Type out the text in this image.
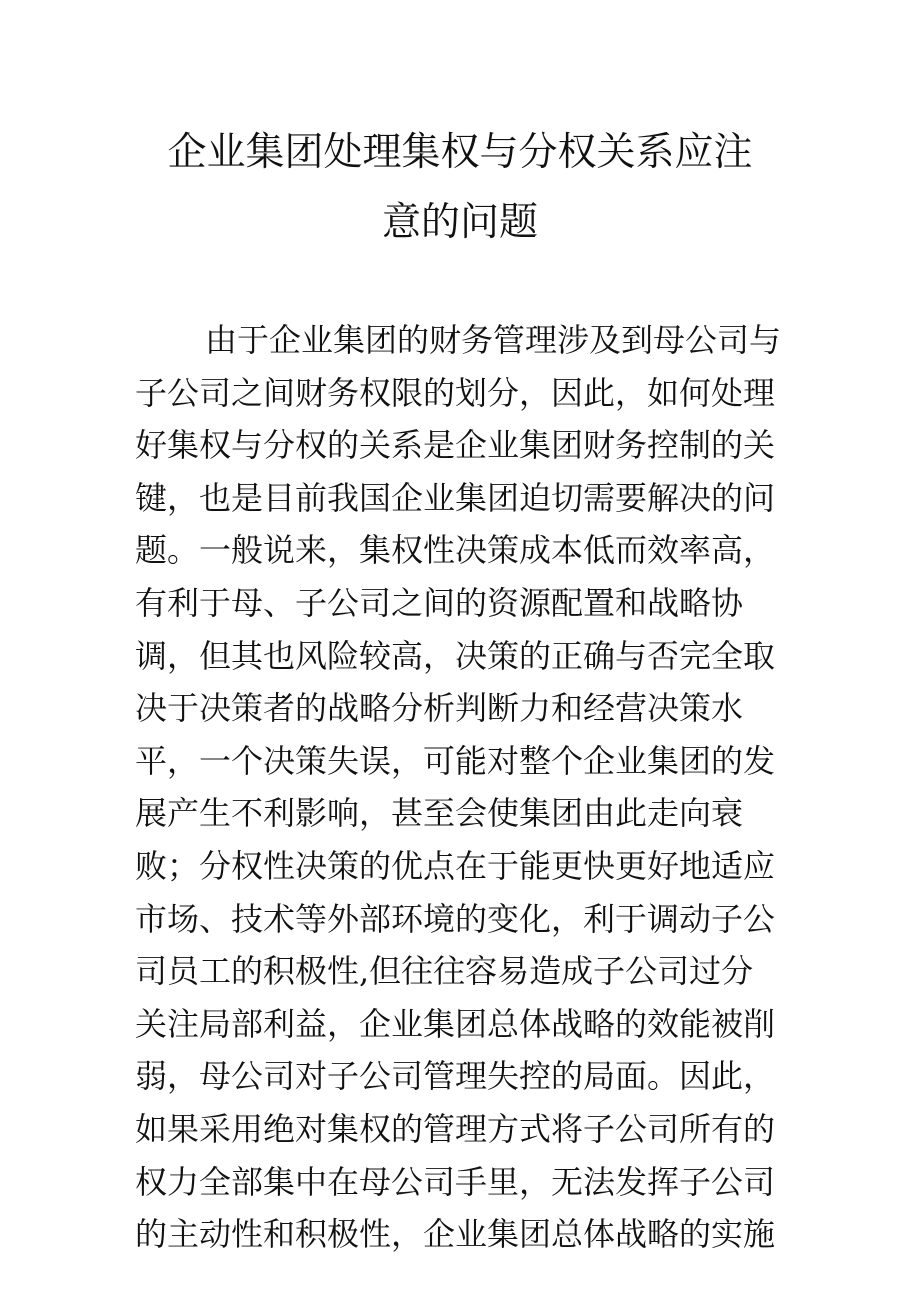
企业集团处理集权与分权关系应注
意的问题
由于企业集团的财务管理涉及到母公司与
子公司之间财务权限的划分，因此，如何处理
好集权与分权的关系是企业集团财务控制的关
键，也是目前我国企业集团迫切需要解决的问
题。一般说来，集权性决策成本低而效率高，
有利于母、子公司之间的资源配置和战略协
调，但其也风险较高，决策的正确与否完全取
决于决策者的战略分析判断力和经营决策水
平，一个决策失误，可能对整个企业集团的发
展产生不利影响，甚至会使集团由此走向衰
败；分权性决策的优点在于能更快更好地适应
市场、技术等外部环境的变化，利于调动子公
司员工的积极性,但往往容易造成子公司过分
关注局部利益，企业集团总体战略的效能被削
弱，母公司对子公司管理失控的局面。因此，
如果采用绝对集权的管理方式将子公司所有的
权力全部集中在母公司手里，无法发挥子公司
的主动性和积极性，企业集团总体战略的实施
